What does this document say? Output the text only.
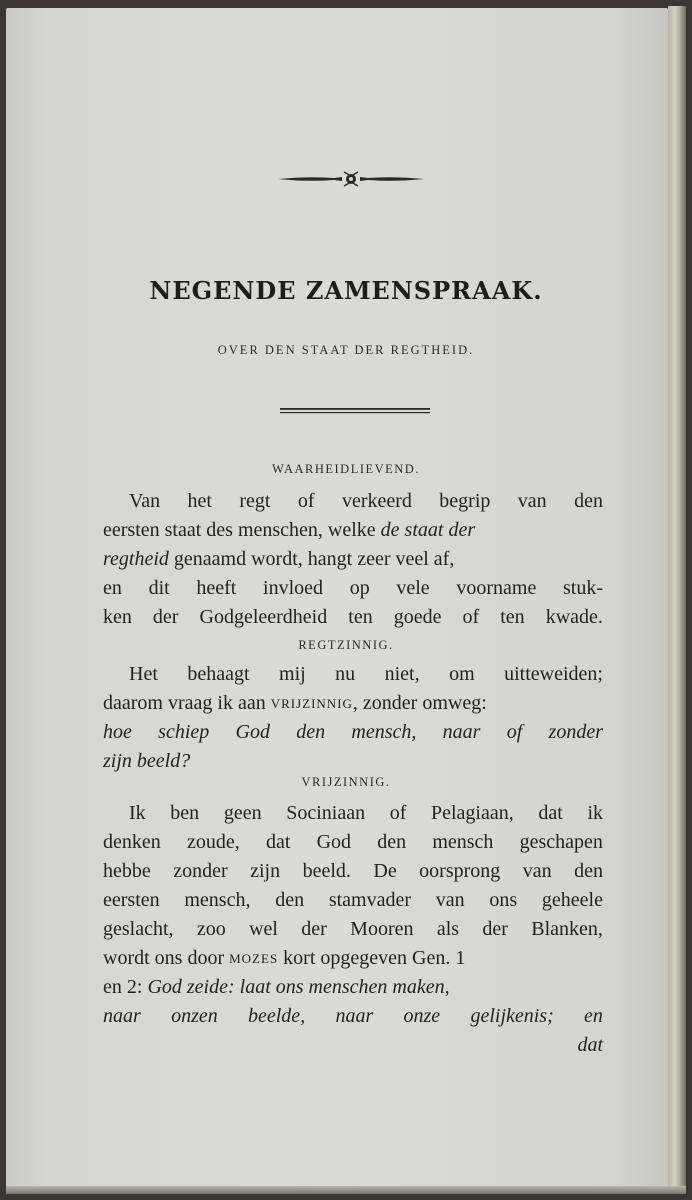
NEGENDE ZAMENSPRAAK.
OVER DEN STAAT DER REGTHEID.
WAARHEIDLIEVEND.
Van het regt of verkeerd begrip van den
eersten staat des menschen, welke de staat der
regtheid genaamd wordt, hangt zeer veel af,
en dit heeft invloed op vele voorname stuk-
ken der Godgeleerdheid ten goede of ten kwade.
REGTZINNIG.
Het behaagt mij nu niet, om uitteweiden;
daarom vraag ik aan VRIJZINNIG , zonder omweg:
hoe schiep God den mensch, naar of zonder
zijn beeld?
VRIJZINNIG.
Ik ben geen Sociniaan of Pelagiaan, dat ik
denken zoude, dat God den mensch geschapen
hebbe zonder zijn beeld. De oorsprong van den
eersten mensch, den stamvader van ons geheele
geslacht, zoo wel der Mooren als der Blanken,
wordt ons door MOZES kort opgegeven Gen. 1
en 2: God zeide: laat ons menschen maken,
naar onzen beelde, naar onze gelijkenis; en
dat
